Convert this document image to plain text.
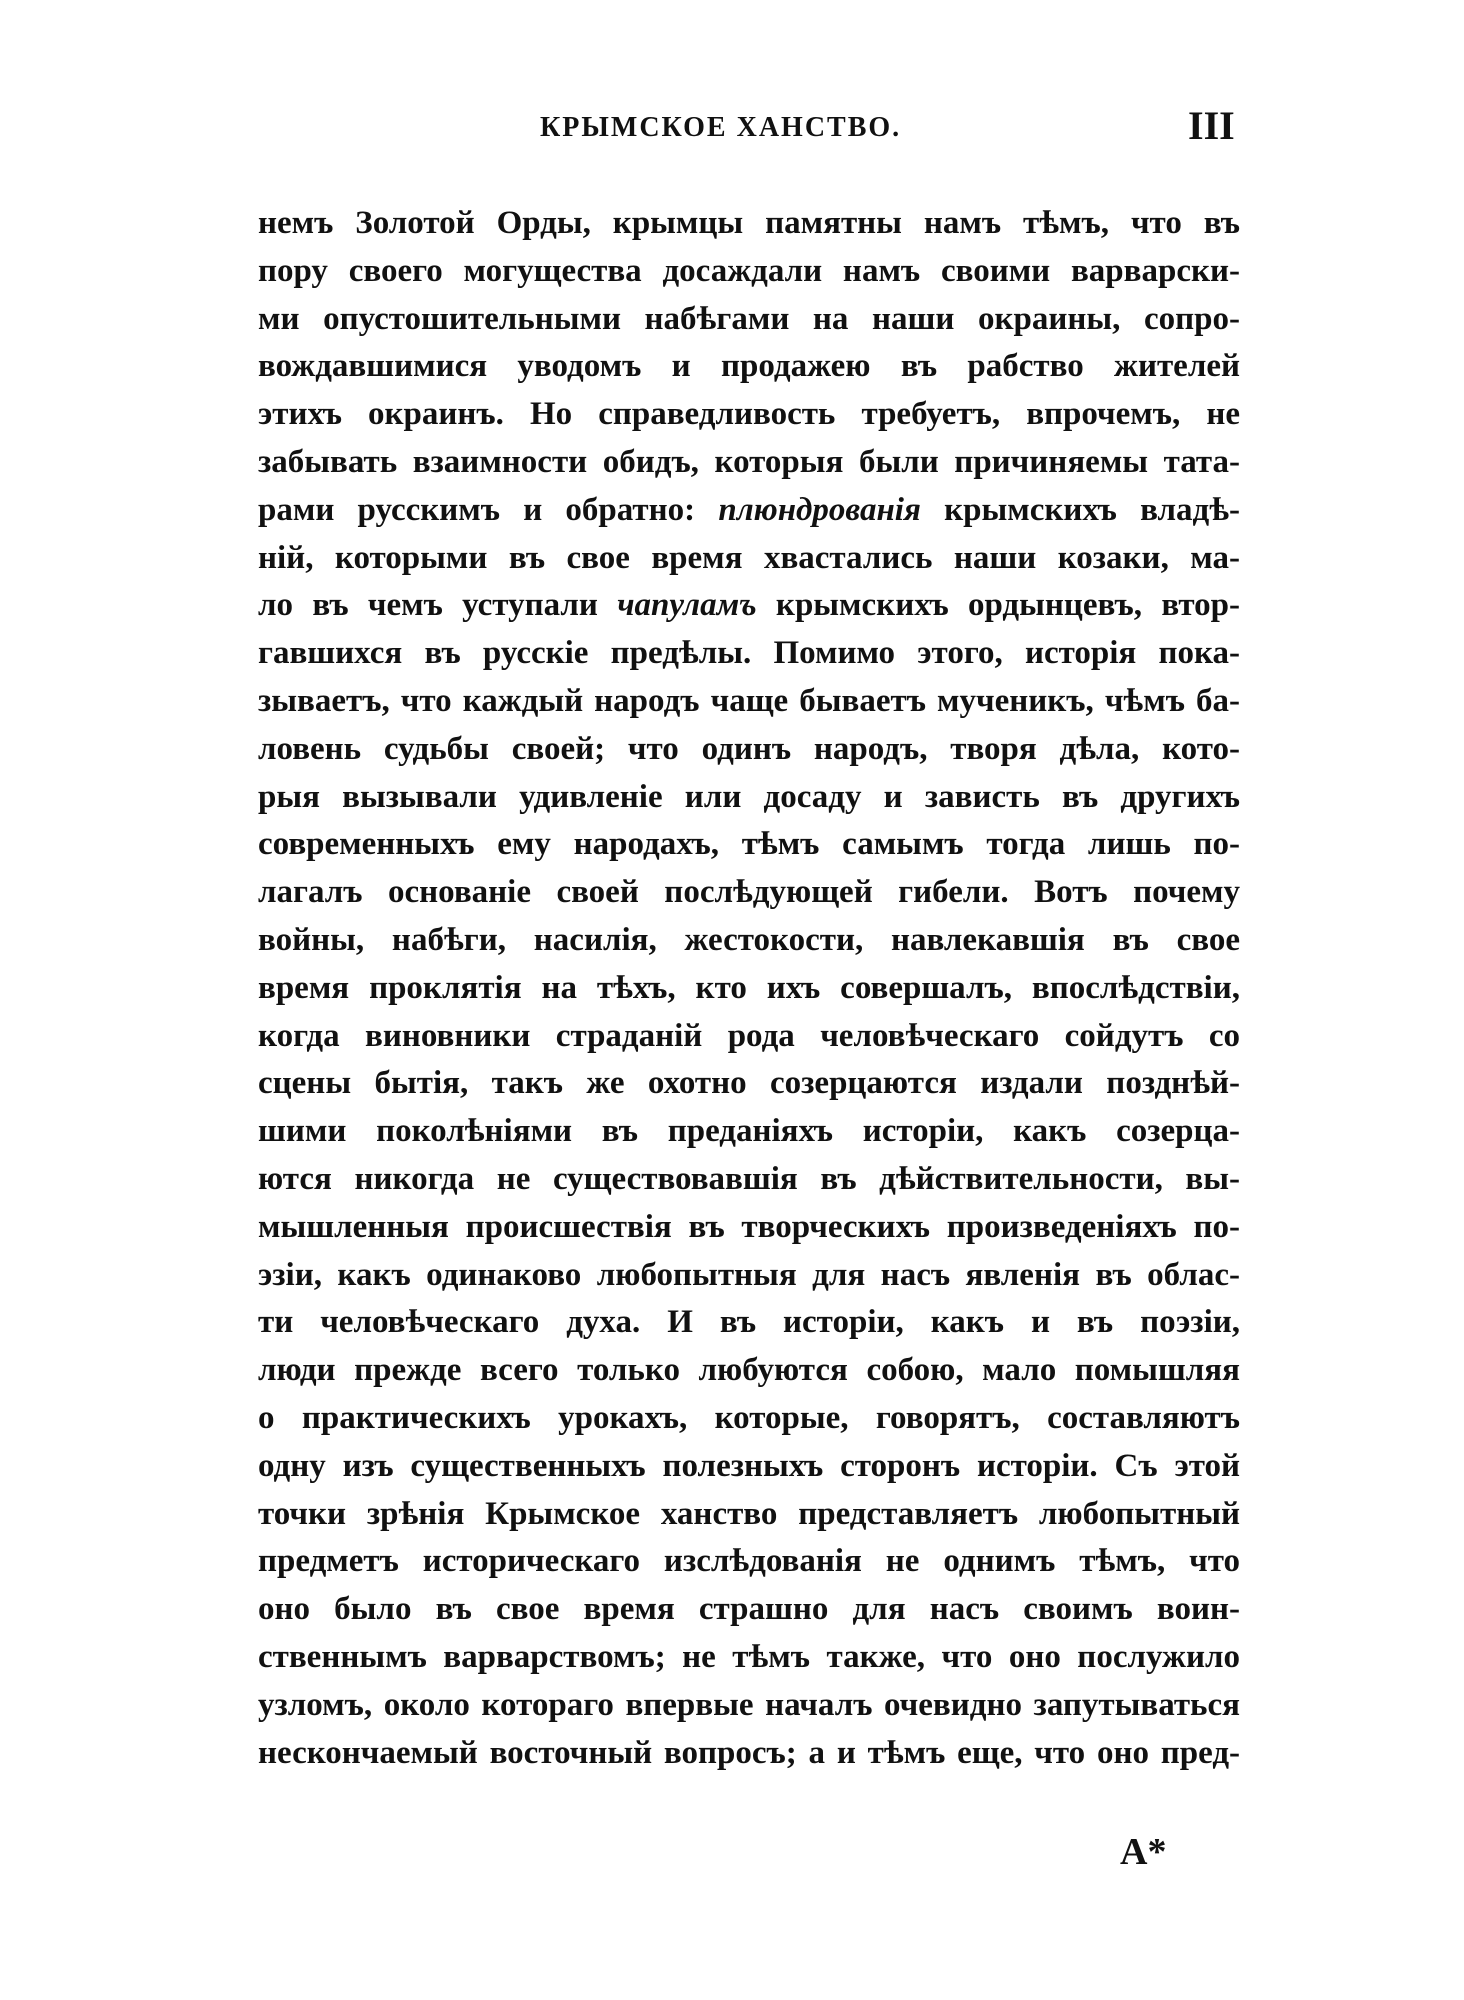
КРЫМСКОЕ ХАНСТВО.	III
немъ Золотой Орды, крымцы памятны намъ тѣмъ, что въ
пору своего могущества досаждали намъ своими варварски-
ми опустошительными набѣгами на наши окраины, сопро-
вождавшимися уводомъ и продажею въ рабство жителей
этихъ окраинъ. Но справедливость требуетъ, впрочемъ, не
забывать взаимности обидъ, которыя были причиняемы тата-
рами русскимъ и обратно: плюндрованія крымскихъ владѣ-
ній, которыми въ свое время хвастались наши козаки, ма-
ло въ чемъ уступали чапуламъ крымскихъ ордынцевъ, втор-
гавшихся въ русскіе предѣлы. Помимо этого, исторія пока-
зываетъ, что каждый народъ чаще бываетъ мученикъ, чѣмъ ба-
ловень судьбы своей; что одинъ народъ, творя дѣла, кото-
рыя вызывали удивленіе или досаду и зависть въ другихъ
современныхъ ему народахъ, тѣмъ самымъ тогда лишь по-
лагалъ основаніе своей послѣдующей гибели. Вотъ почему
войны, набѣги, насилія, жестокости, навлекавшія въ свое
время проклятія на тѣхъ, кто ихъ совершалъ, впослѣдствіи,
когда виновники страданій рода человѣческаго сойдутъ со
сцены бытія, такъ же охотно созерцаются издали позднѣй-
шими поколѣніями въ преданіяхъ исторіи, какъ созерца-
ются никогда не существовавшія въ дѣйствительности, вы-
мышленныя происшествія въ творческихъ произведеніяхъ по-
эзіи, какъ одинаково любопытныя для насъ явленія въ облас-
ти человѣческаго духа. И въ исторіи, какъ и въ поэзіи,
люди прежде всего только любуются собою, мало помышляя
о практическихъ урокахъ, которые, говорятъ, составляютъ
одну изъ существенныхъ полезныхъ сторонъ исторіи. Съ этой
точки зрѣнія Крымское ханство представляетъ любопытный
предметъ историческаго изслѣдованія не однимъ тѣмъ, что
оно было въ свое время страшно для насъ своимъ воин-
ственнымъ варварствомъ; не тѣмъ также, что оно послужило
узломъ, около котораго впервые началъ очевидно запутываться
нескончаемый восточный вопросъ; а и тѣмъ еще, что оно пред-
A*
